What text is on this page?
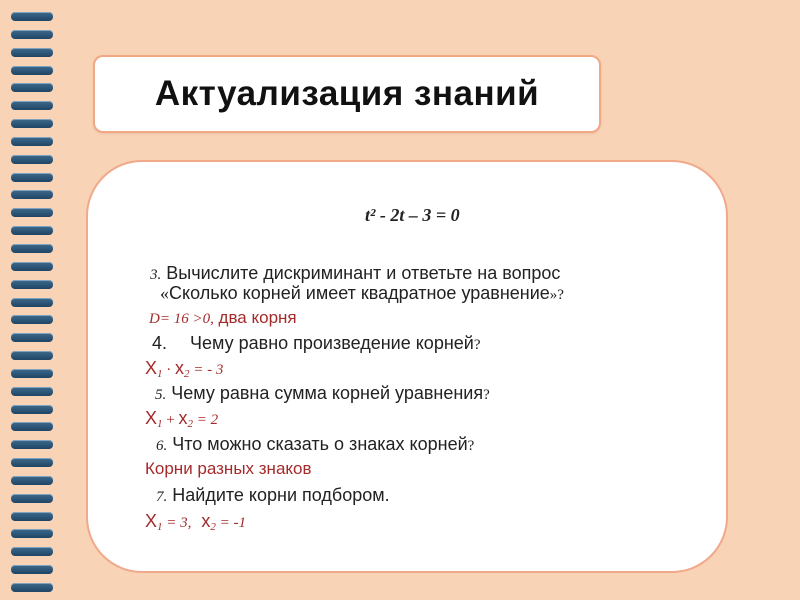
Актуализация знаний
t² - 2t – 3 = 0
3. Вычислите дискриминант и ответьте на вопрос
«Сколько корней имеет квадратное уравнение»?
D= 16 >0, два корня
4. Чему равно произведение корней?
$Х_1 \cdot х_2$ = - 3
5. Чему равна сумма корней уравнения?
$Х_1 + х_2 = 2$
6. Что можно сказать о знаках корней?
Корни разных знаков
7. Найдите корни подбором.
$Х_1 = 3$, $х_2 = -1$
